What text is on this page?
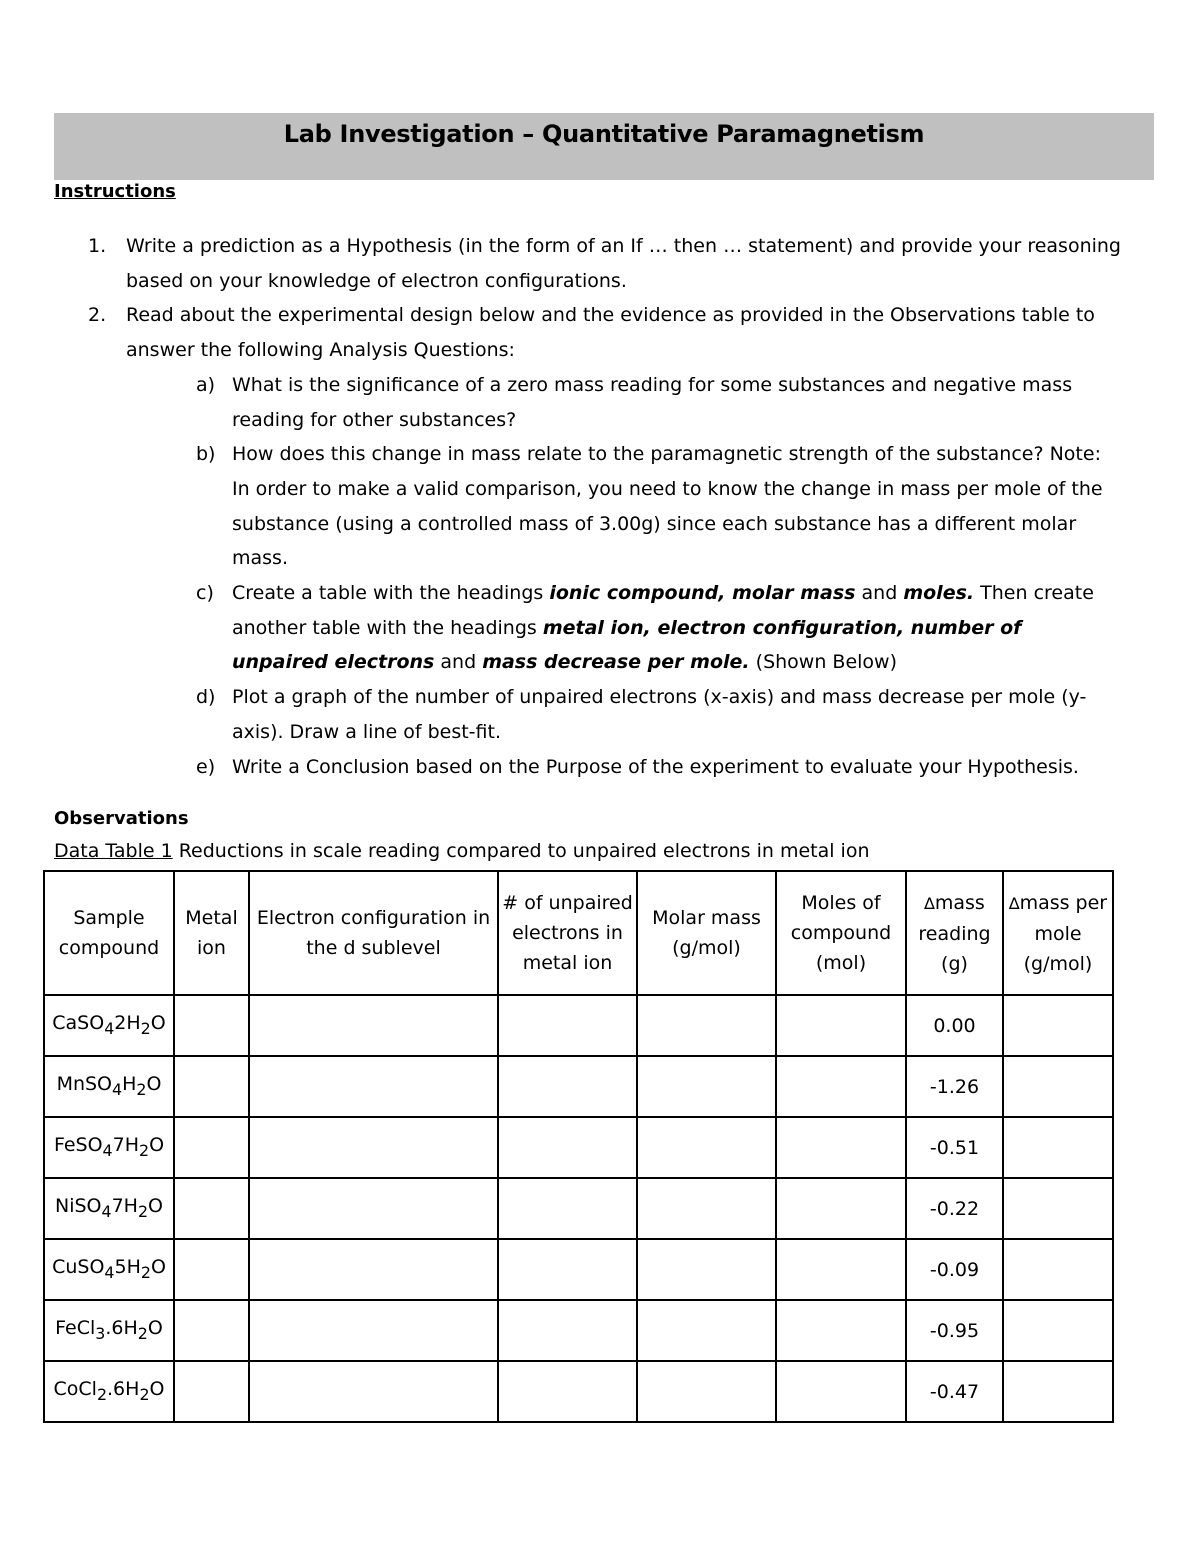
Lab Investigation – Quantitative Paramagnetism

Instructions

1. Write a prediction as a Hypothesis (in the form of an If … then … statement) and provide your reasoning based on your knowledge of electron configurations.
2. Read about the experimental design below and the evidence as provided in the Observations table to answer the following Analysis Questions:
a) What is the significance of a zero mass reading for some substances and negative mass reading for other substances?
b) How does this change in mass relate to the paramagnetic strength of the substance? Note: In order to make a valid comparison, you need to know the change in mass per mole of the substance (using a controlled mass of 3.00g) since each substance has a different molar mass.
c) Create a table with the headings ionic compound, molar mass and moles. Then create another table with the headings metal ion, electron configuration, number of unpaired electrons and mass decrease per mole. (Shown Below)
d) Plot a graph of the number of unpaired electrons (x-axis) and mass decrease per mole (y-axis). Draw a line of best-fit.
e) Write a Conclusion based on the Purpose of the experiment to evaluate your Hypothesis.

Observations

Data Table 1 Reductions in scale reading compared to unpaired electrons in metal ion

Sample compound	Metal ion	Electron configuration in the d sublevel	# of unpaired electrons in metal ion	Molar mass (g/mol)	Moles of compound (mol)	∆mass reading (g)	∆mass per mole (g/mol)
$CaSO_42H_2O$						0.00	
$MnSO_4H_2O$						-1.26	
$FeSO_47H_2O$						-0.51	
$NiSO_47H_2O$						-0.22	
$CuSO_45H_2O$						-0.09	
$FeCl_3.6H_2O$						-0.95	
$CoCl_2.6H_2O$						-0.47	
